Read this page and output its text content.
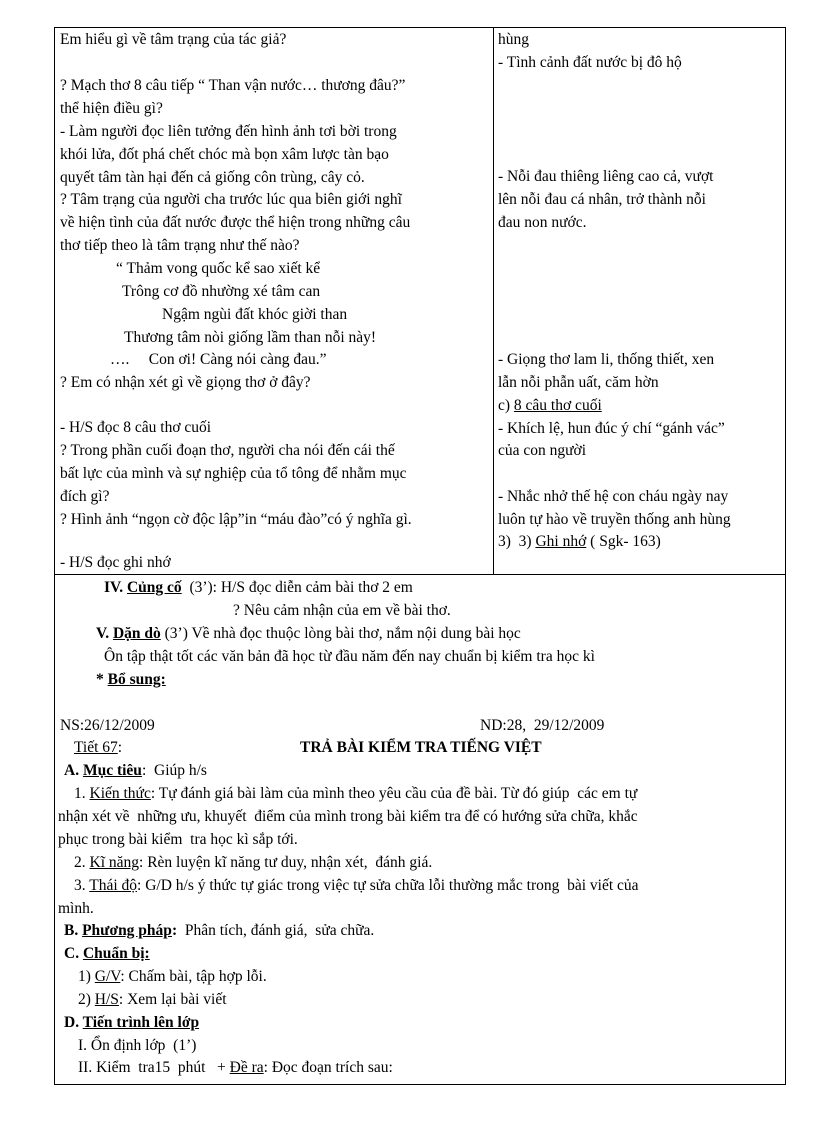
Em hiểu gì về tâm trạng của tác giả?
? Mạch thơ 8 câu tiếp “ Than vận nước… thương đâu?”
thể hiện điều gì?
- Làm người đọc liên tưởng đến hình ảnh tơi bời trong
khói lửa, đốt phá chết chóc mà bọn xâm lược tàn bạo
quyết tâm tàn hại đến cả giống côn trùng, cây cỏ.
? Tâm trạng của người cha trước lúc qua biên giới nghĩ
về hiện tình của đất nước được thể hiện trong những câu
thơ tiếp theo là tâm trạng như thế nào?
“ Thảm vong quốc kể sao xiết kể
Trông cơ đồ nhường xé tâm can
Ngậm ngùi đất khóc giời than
Thương tâm nòi giống lầm than nỗi này!
….     Con ơi! Càng nói càng đau.”
? Em có nhận xét gì về giọng thơ ở đây?
- H/S đọc 8 câu thơ cuối
? Trong phần cuối đoạn thơ, người cha nói đến cái thế
bất lực của mình và sự nghiệp của tổ tông để nhằm mục
đích gì?
? Hình ảnh “ngọn cờ độc lập”in “máu đào”có ý nghĩa gì.
- H/S đọc ghi nhớ
hùng
- Tình cảnh đất nước bị đô hộ
- Nỗi đau thiêng liêng cao cả, vượt
lên nỗi đau cá nhân, trở thành nỗi
đau non nước.
- Giọng thơ lam li, thống thiết, xen
lẫn nỗi phẫn uất, căm hờn
c) 8 câu thơ cuối
- Khích lệ, hun đúc ý chí “gánh vác”
của con người
- Nhắc nhở thế hệ con cháu ngày nay
luôn tự hào về truyền thống anh hùng
3)  3) Ghi nhớ ( Sgk- 163)
IV. Củng cố  (3’): H/S đọc diễn cảm bài thơ 2 em
? Nêu cảm nhận của em về bài thơ.
V. Dặn dò (3’) Về nhà đọc thuộc lòng bài thơ, nắm nội dung bài học
Ôn tập thật tốt các văn bản đã học từ đầu năm đến nay chuẩn bị kiểm tra học kì
* Bổ sung:
NS:26/12/2009	ND:28,  29/12/2009
Tiết 67:	TRẢ BÀI KIỂM TRA TIẾNG VIỆT
A. Mục tiêu:  Giúp h/s
1. Kiến thức: Tự đánh giá bài làm của mình theo yêu cầu của đề bài. Từ đó giúp  các em tự
nhận xét về  những ưu, khuyết  điểm của mình trong bài kiểm tra để có hướng sửa chữa, khắc
phục trong bài kiểm  tra học kì sắp tới.
2. Kĩ năng: Rèn luyện kĩ năng tư duy, nhận xét,  đánh giá.
3. Thái độ: G/D h/s ý thức tự giác trong việc tự sửa chữa lỗi thường mắc trong  bài viết của
mình.
B. Phương pháp:  Phân tích, đánh giá,  sửa chữa.
C. Chuẩn bị:
1) G/V: Chấm bài, tập hợp lỗi.
2) H/S: Xem lại bài viết
D. Tiến trình lên lớp
I. Ổn định lớp  (1’)
II. Kiểm  tra15  phút   + Đề ra: Đọc đoạn trích sau:
